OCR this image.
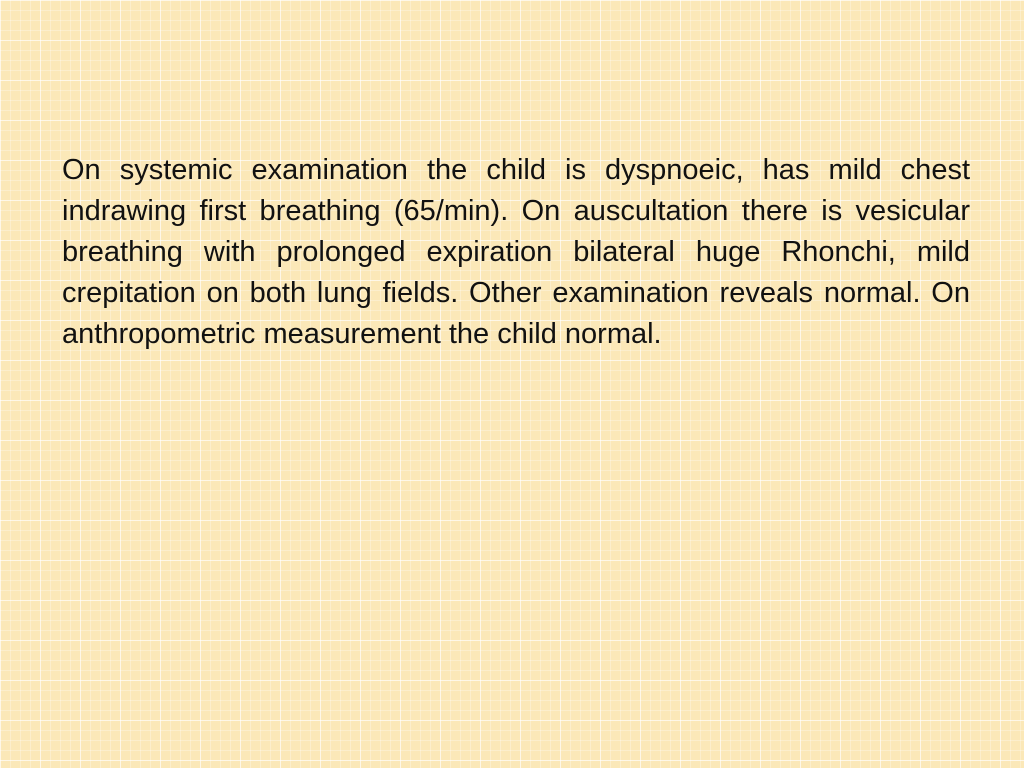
On systemic examination the child is dyspnoeic, has mild chest indrawing first breathing (65/min). On auscultation there is vesicular breathing with prolonged expiration bilateral huge Rhonchi, mild crepitation on both lung fields. Other examination reveals normal. On anthropometric measurement the child normal.
